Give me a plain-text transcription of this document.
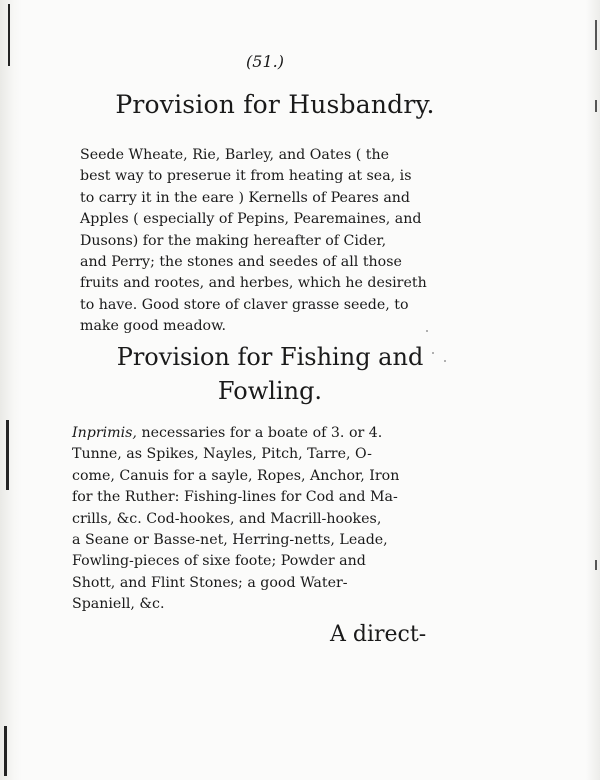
(51.)
Provision for Husbandry.
Seede Wheate, Rie, Barley, and Oates ( the
best way to preserue it from heating at sea, is
to carry it in the eare ) Kernells of Peares and
Apples ( especially of Pepins, Pearemaines, and
Dusons) for the making hereafter of Cider,
and Perry; the stones and seedes of all those
fruits and rootes, and herbes, which he desireth
to have. Good store of claver grasse seede, to
make good meadow.
Provision for Fishing and
Fowling.
Inprimis, necessaries for a boate of 3. or 4.
Tunne, as Spikes, Nayles, Pitch, Tarre, O-
come, Canuis for a sayle, Ropes, Anchor, Iron
for the Ruther: Fishing-lines for Cod and Ma-
crills, &c. Cod-hookes, and Macrill-hookes,
a Seane or Basse-net, Herring-netts, Leade,
Fowling-pieces of sixe foote; Powder and
Shott, and Flint Stones; a good Water-
Spaniell, &c.
A direct-
